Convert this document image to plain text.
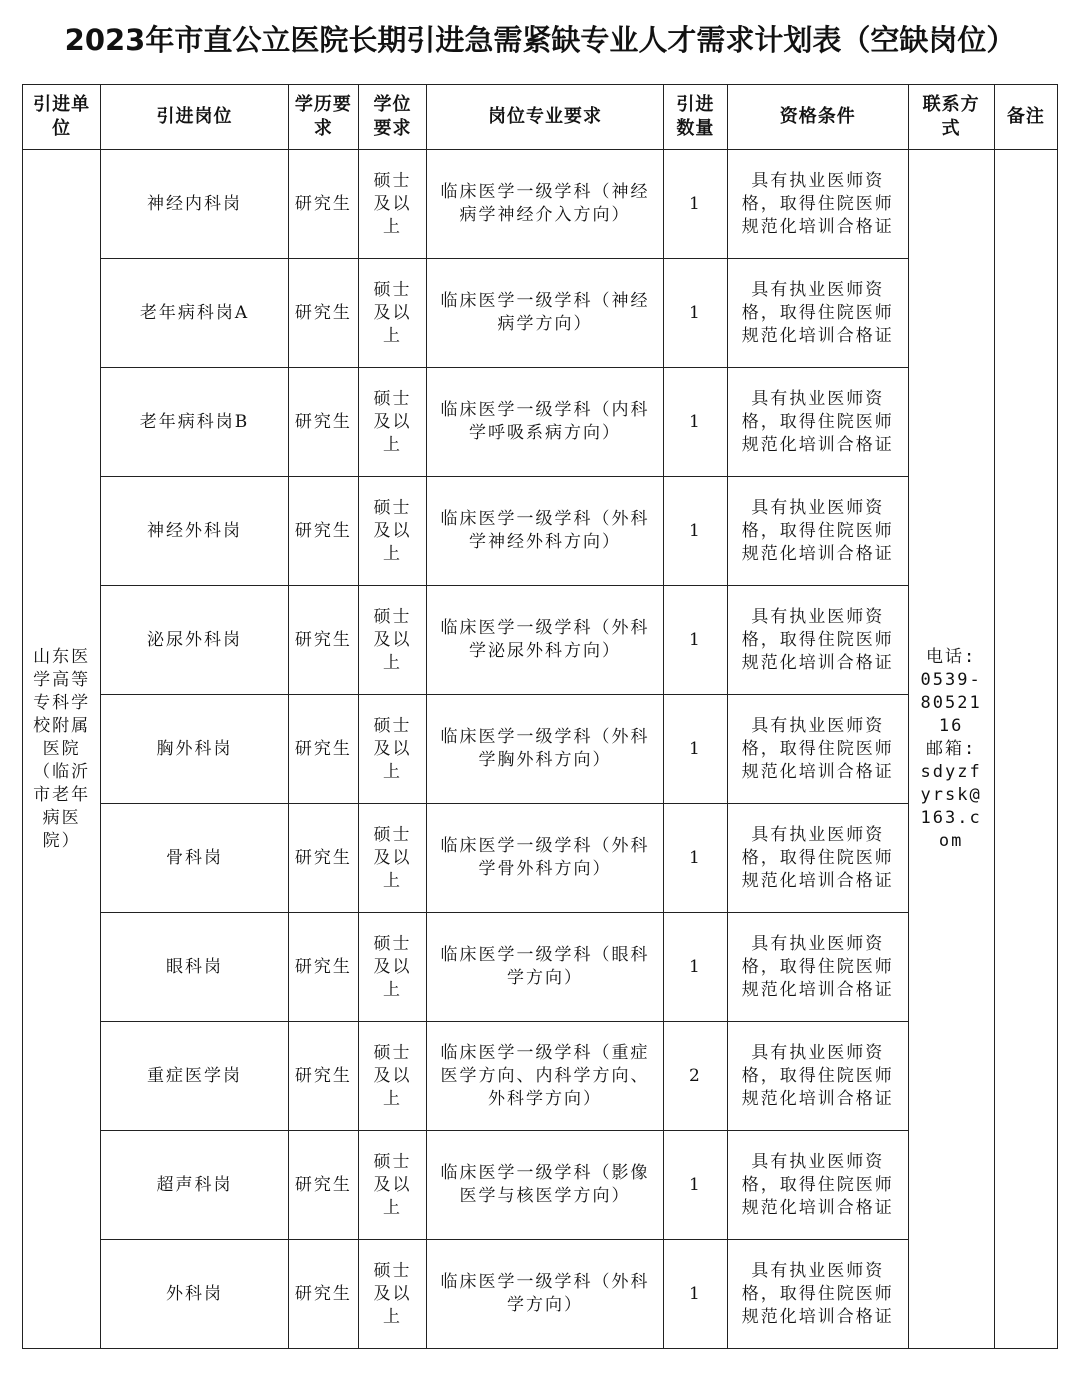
2023年市直公立医院长期引进急需紧缺专业人才需求计划表（空缺岗位）
引进单位	引进岗位	学历要求	学位要求	岗位专业要求	引进数量	资格条件	联系方式	备注
山东医学高等专科学校附属医院（临沂市老年病医院）	神经内科岗	研究生	硕士及以上	临床医学一级学科（神经病学神经介入方向）	1	具有执业医师资格，取得住院医师规范化培训合格证	电话:
0539-8052116
邮箱:
sdyzfyrsk@163.com	

	老年病科岗A	研究生	硕士及以上	临床医学一级学科（神经病学方向）	1	具有执业医师资格，取得住院医师规范化培训合格证		
	老年病科岗B	研究生	硕士及以上	临床医学一级学科（内科学呼吸系病方向）	1	具有执业医师资格，取得住院医师规范化培训合格证		
	神经外科岗	研究生	硕士及以上	临床医学一级学科（外科学神经外科方向）	1	具有执业医师资格，取得住院医师规范化培训合格证		
	泌尿外科岗	研究生	硕士及以上	临床医学一级学科（外科学泌尿外科方向）	1	具有执业医师资格，取得住院医师规范化培训合格证		
	胸外科岗	研究生	硕士及以上	临床医学一级学科（外科学胸外科方向）	1	具有执业医师资格，取得住院医师规范化培训合格证		
	骨科岗	研究生	硕士及以上	临床医学一级学科（外科学骨外科方向）	1	具有执业医师资格，取得住院医师规范化培训合格证		
	眼科岗	研究生	硕士及以上	临床医学一级学科（眼科学方向）	1	具有执业医师资格，取得住院医师规范化培训合格证		
	重症医学岗	研究生	硕士及以上	临床医学一级学科（重症医学方向、内科学方向、外科学方向）	2	具有执业医师资格，取得住院医师规范化培训合格证		
	超声科岗	研究生	硕士及以上	临床医学一级学科（影像医学与核医学方向）	1	具有执业医师资格，取得住院医师规范化培训合格证		
	外科岗	研究生	硕士及以上	临床医学一级学科（外科学方向）	1	具有执业医师资格，取得住院医师规范化培训合格证		
